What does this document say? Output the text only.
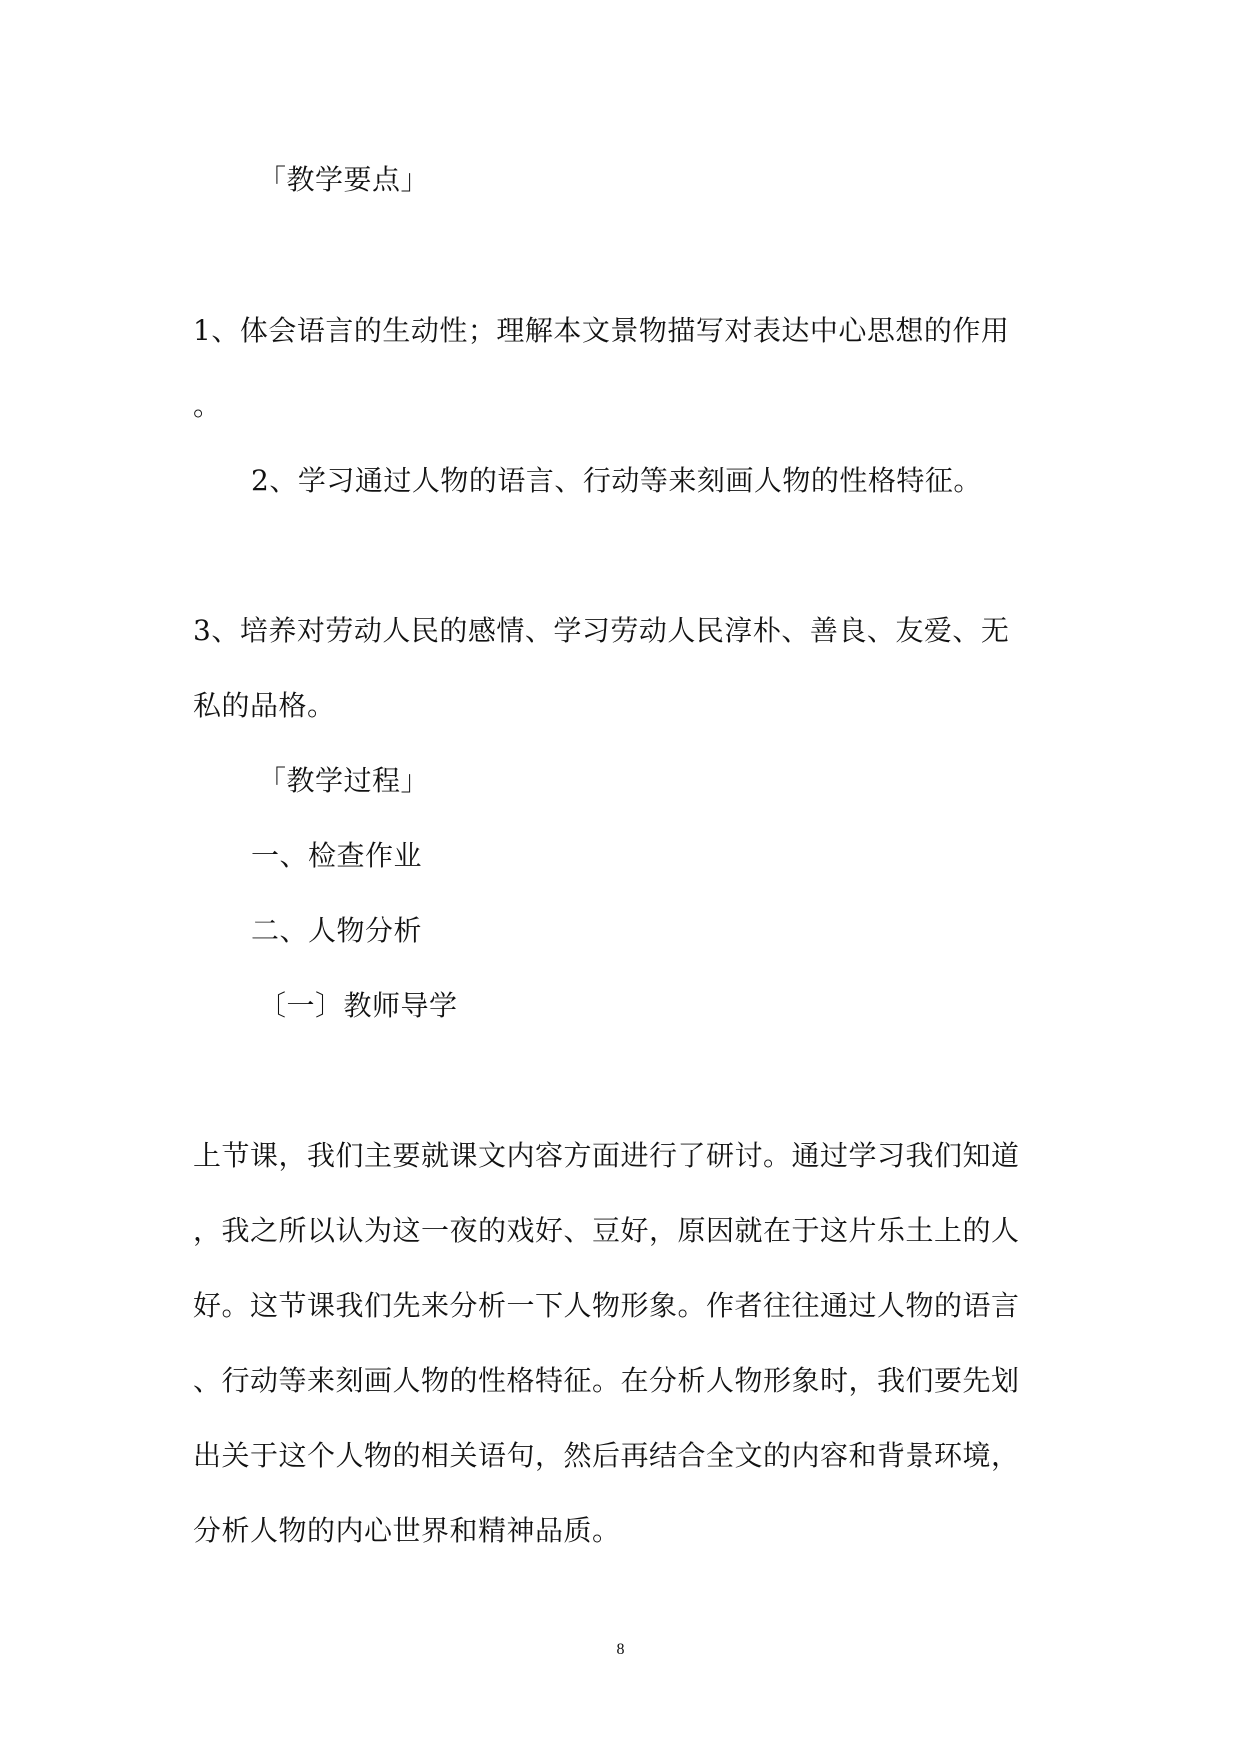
「教学要点」
1、体会语言的生动性；理解本文景物描写对表达中心思想的作用
。
2、学习通过人物的语言、行动等来刻画人物的性格特征。
3、培养对劳动人民的感情、学习劳动人民淳朴、善良、友爱、无
私的品格。
「教学过程」
一、检查作业
二、人物分析
〔一〕教师导学
上节课，我们主要就课文内容方面进行了研讨。通过学习我们知道
，我之所以认为这一夜的戏好、豆好，原因就在于这片乐土上的人
好。这节课我们先来分析一下人物形象。作者往往通过人物的语言
、行动等来刻画人物的性格特征。在分析人物形象时，我们要先划
出关于这个人物的相关语句，然后再结合全文的内容和背景环境，
分析人物的内心世界和精神品质。
8
